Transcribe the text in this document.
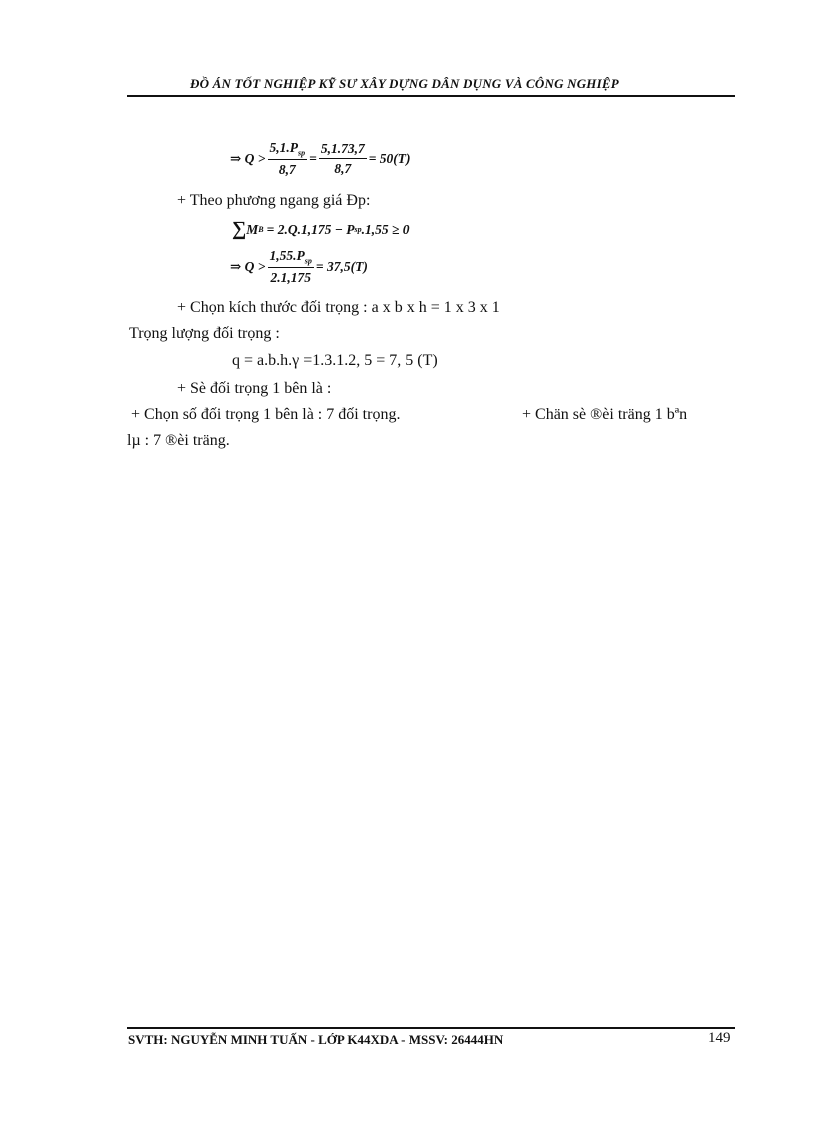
ĐỒ ÁN TỐT NGHIỆP KỸ SƯ XÂY DỰNG DÂN DỤNG VÀ CÔNG NGHIỆP
⇒ $Q > \frac{5,1.P_{sp}}{8,7} = \frac{5,1.73,7}{8,7} = 50(T)$
+ Theo phương ngang giá Đp:
∑ M B = 2.Q.1,175 − P sp .1,55 ≥ 0
⇒ $Q > \frac{1,55.P_{sp}}{2.1,175} = 37,5(T)$
+ Chọn kích thước đối trọng : a x b x h = 1 x 3 x 1
Trọng lượng đối trọng :
q = a.b.h.γ =1.3.1.2, 5 = 7, 5 (T)
+ Sè đối trọng 1 bên là :
+ Chọn số đối trọng 1 bên là : 7 đối trọng.	+ Chän sè ®èi träng 1 bªn
lµ : 7 ®èi träng.
SVTH: NGUYỄN MINH TUẤN - LỚP K44XDA - MSSV: 26444HN	149
